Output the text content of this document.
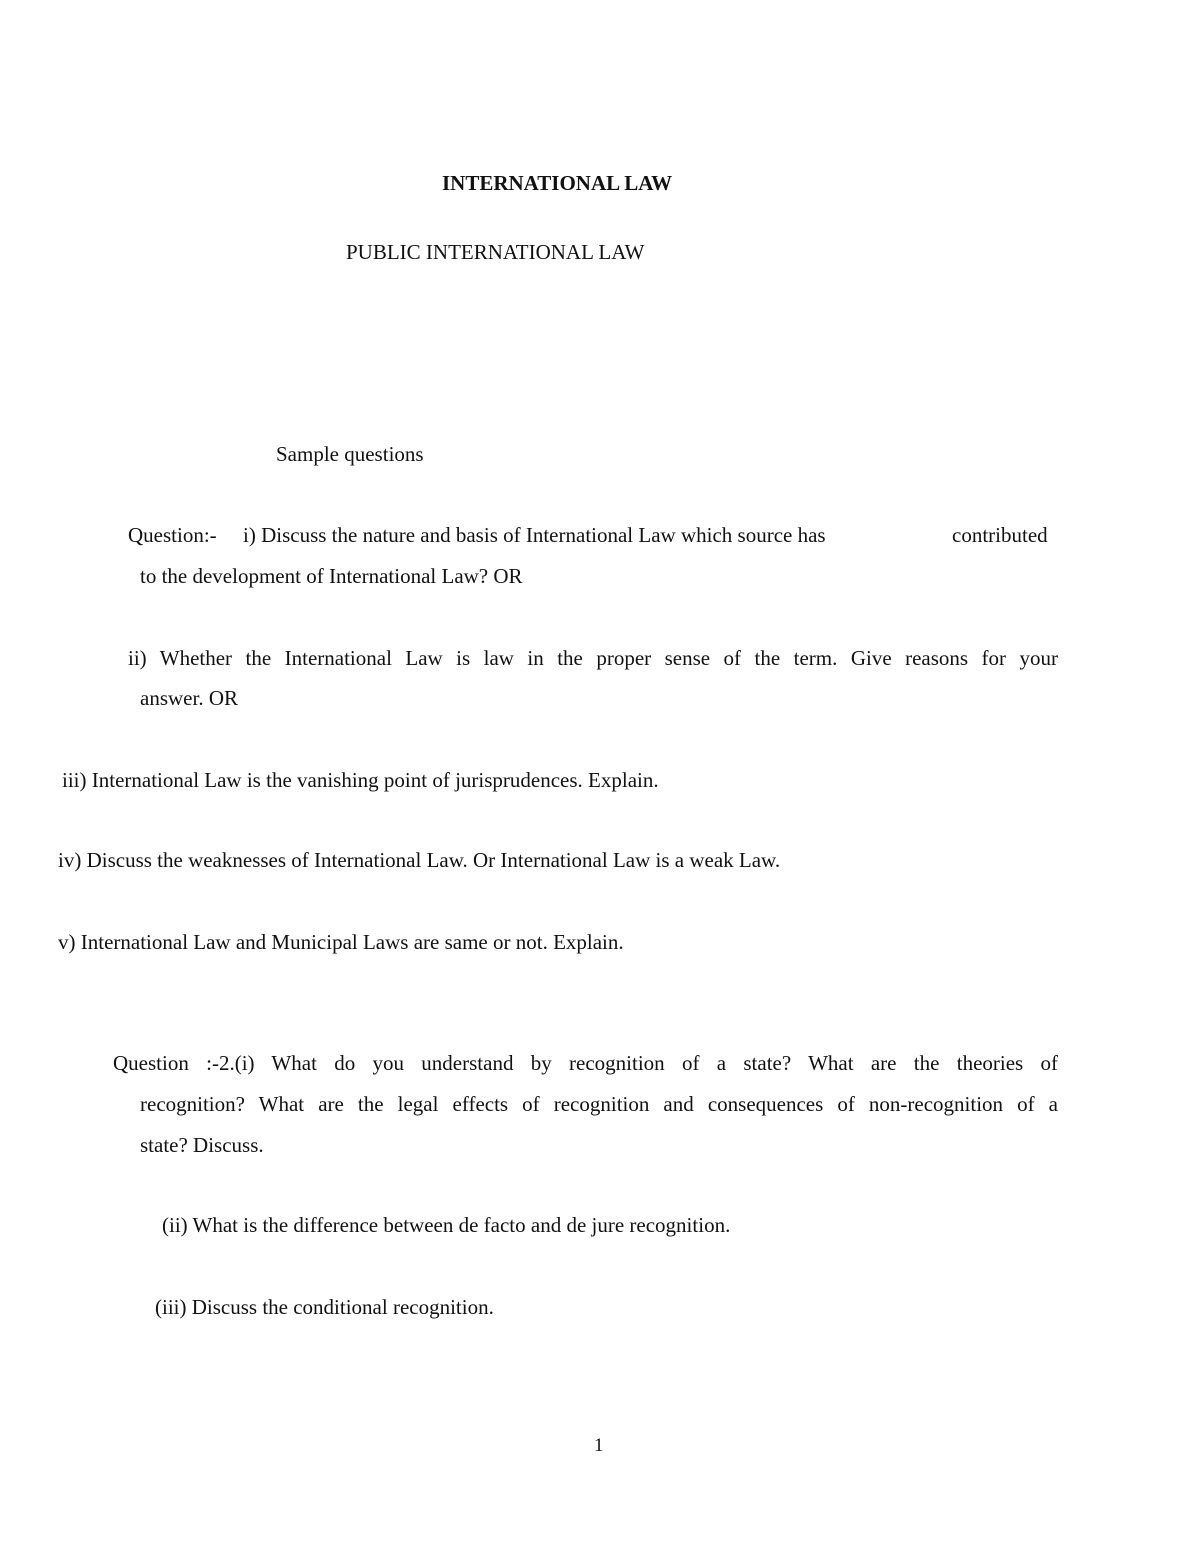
INTERNATIONAL LAW
PUBLIC INTERNATIONAL LAW
Sample questions
Question:- i) Discuss the nature and basis of International Law which source has	contributed
to the development of International Law? OR
ii) Whether the International Law is law in the proper sense of the term. Give reasons for your
answer. OR
iii) International Law is the vanishing point of jurisprudences. Explain.
iv) Discuss the weaknesses of International Law. Or International Law is a weak Law.
v) International Law and Municipal Laws are same or not. Explain.
Question :-2.(i) What do you understand by recognition of a state? What are the theories of
recognition? What are the legal effects of recognition and consequences of non-recognition of a
state? Discuss.
(ii) What is the difference between de facto and de jure recognition.
(iii) Discuss the conditional recognition.
1
